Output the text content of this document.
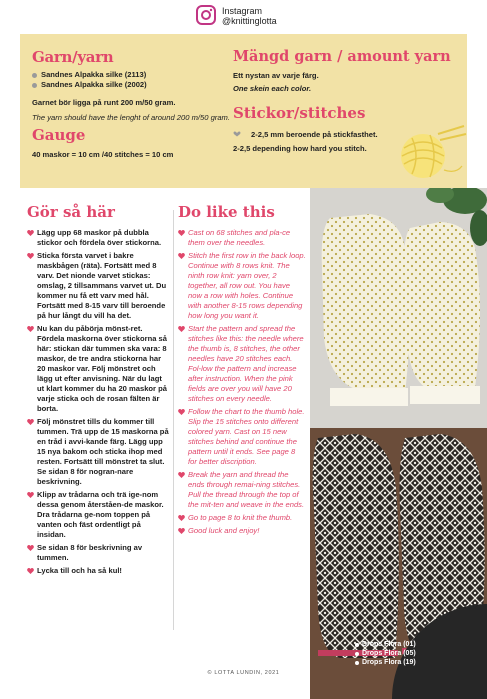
Instagram
@knittinglotta
Garn/yarn
Sandnes Alpakka silke (2113)
Sandnes Alpakka silke (2002)
Garnet bör ligga på runt 200 m/50 gram.
The yarn should have the lenght of around 200 m/50 gram.
Gauge
40 maskor = 10 cm /40 stitches = 10 cm
Mängd garn / amount yarn
Ett nystan av varje färg.
One skein each color.
Stickor/stitches
2-2,5 mm beroende på stickfasthet.
2-2,5 depending how hard you stitch.
Gör så här
Lägg upp 68 maskor på dubbla stickor och fördela över stickorna.
Sticka första varvet i bakre maskbågen (räta). Fortsätt med 8 varv. Det nionde varvet stickas: omslag, 2 tillsammans varvet ut. Du kommer nu få ett varv med hål. Fortsätt med 8-15 varv till beroende på hur långt du vill ha det.
Nu kan du påbörja mönst-ret. Fördela maskorna över stickorna så här: stickan där tummen ska vara: 8 maskor, de tre andra stickorna har 20 maskor var. Följ mönstret och lägg ut efter anvisning. När du lagt ut klart kommer du ha 20 maskor på varje sticka och de rosan fälten är borta.
Följ mönstret tills du kommer till tummen. Trä upp de 15 maskorna på en tråd i avvi-kande färg. Lägg upp 15 nya bakom och sticka ihop med resten. Fortsätt till mönstret ta slut. Se sidan 8 för nogran-nare beskrivning.
Klipp av trådarna och trä ige-nom dessa genom återståen-de maskor. Dra trådarna ge-nom toppen på vanten och fäst ordentligt på insidan.
Se sidan 8 för beskrivning av tummen.
Lycka till och ha så kul!
Do like this
Cast on 68 stitches and pla-ce them over the needles.
Stitch the first row in the back loop. Continue with 8 rows knit. The ninth row knit: yarn over, 2 together, all row out. You have now a row with holes. Continue with another 8-15 rows depending how long you want it.
Start the pattern and spread the stitches like this: the needle where the thumb is, 8 stitches, the other needles have 20 stitches each. Fol-low the pattern and increase after instruction. When the pink fields are over you will have 20 stitches on every needle.
Follow the chart to the thumb hole. Slip the 15 stitches onto different colored yarn. Cast on 15 new stitches behind and continue the pattern until it ends. See page 8 for better discription.
Break the yarn and thread the ends through remai-ning stitches. Pull the thread through the top of the mit-ten and weave in the ends.
Go to page 8 to knit the thumb.
Good luck and enjoy!
Drops Flora (01)
Drops Flora (05)
Drops Flora (19)
© LOTTA LUNDIN, 2021
